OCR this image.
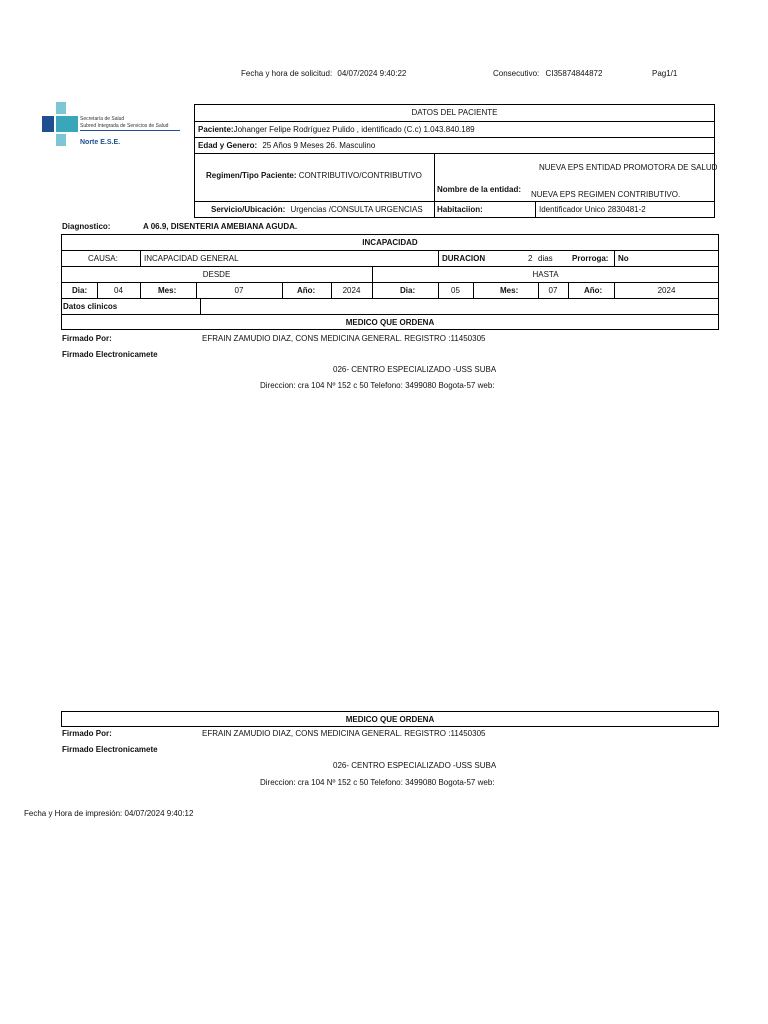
Fecha y hora de solicitud: 04/07/2024 9:40:22	Consecutivo: CI35874844872	Pag1/1
Secretaría de Salud
Subred Integrada de Servicios de Salud
Norte E.S.E.
DATOS DEL PACIENTE
Paciente:Johanger Felipe Rodríguez Pulido , identificado (C.c) 1.043.840.189
Edad y Genero: 25 Años 9 Meses 26. Masculino
Regimen/Tipo Paciente: CONTRIBUTIVO/CONTRIBUTIVO
Nombre de la entidad:
NUEVA EPS ENTIDAD PROMOTORA DE SALUD
NUEVA EPS REGIMEN CONTRIBUTIVO.
Servicio/Ubicación: Urgencias /CONSULTA URGENCIAS Habitaciion:	Identificador Unico 2830481-2
Diagnostico:	A 06.9, DISENTERIA AMEBIANA AGUDA.
INCAPACIDAD
CAUSA:	INCAPACIDAD GENERAL	DURACION	2 dias Prorroga: No
DESDE	HASTA
Dia:	04	Mes:	07	Año:	2024	Dia:	05	Mes:	07	Año:	2024
Datos clinicos
MEDICO QUE ORDENA
Firmado Por:	EFRAIN ZAMUDIO DIAZ, CONS MEDICINA GENERAL. REGISTRO :11450305
Firmado Electronicamete
026- CENTRO ESPECIALIZADO -USS SUBA
Direccion: cra 104 Nº 152 c 50 Telefono: 3499080 Bogota-57 web:
MEDICO QUE ORDENA
Firmado Por:	EFRAIN ZAMUDIO DIAZ, CONS MEDICINA GENERAL. REGISTRO :11450305
Firmado Electronicamete
026- CENTRO ESPECIALIZADO -USS SUBA
Direccion: cra 104 Nº 152 c 50 Telefono: 3499080 Bogota-57 web:
Fecha y Hora de impresión: 04/07/2024 9:40:12
